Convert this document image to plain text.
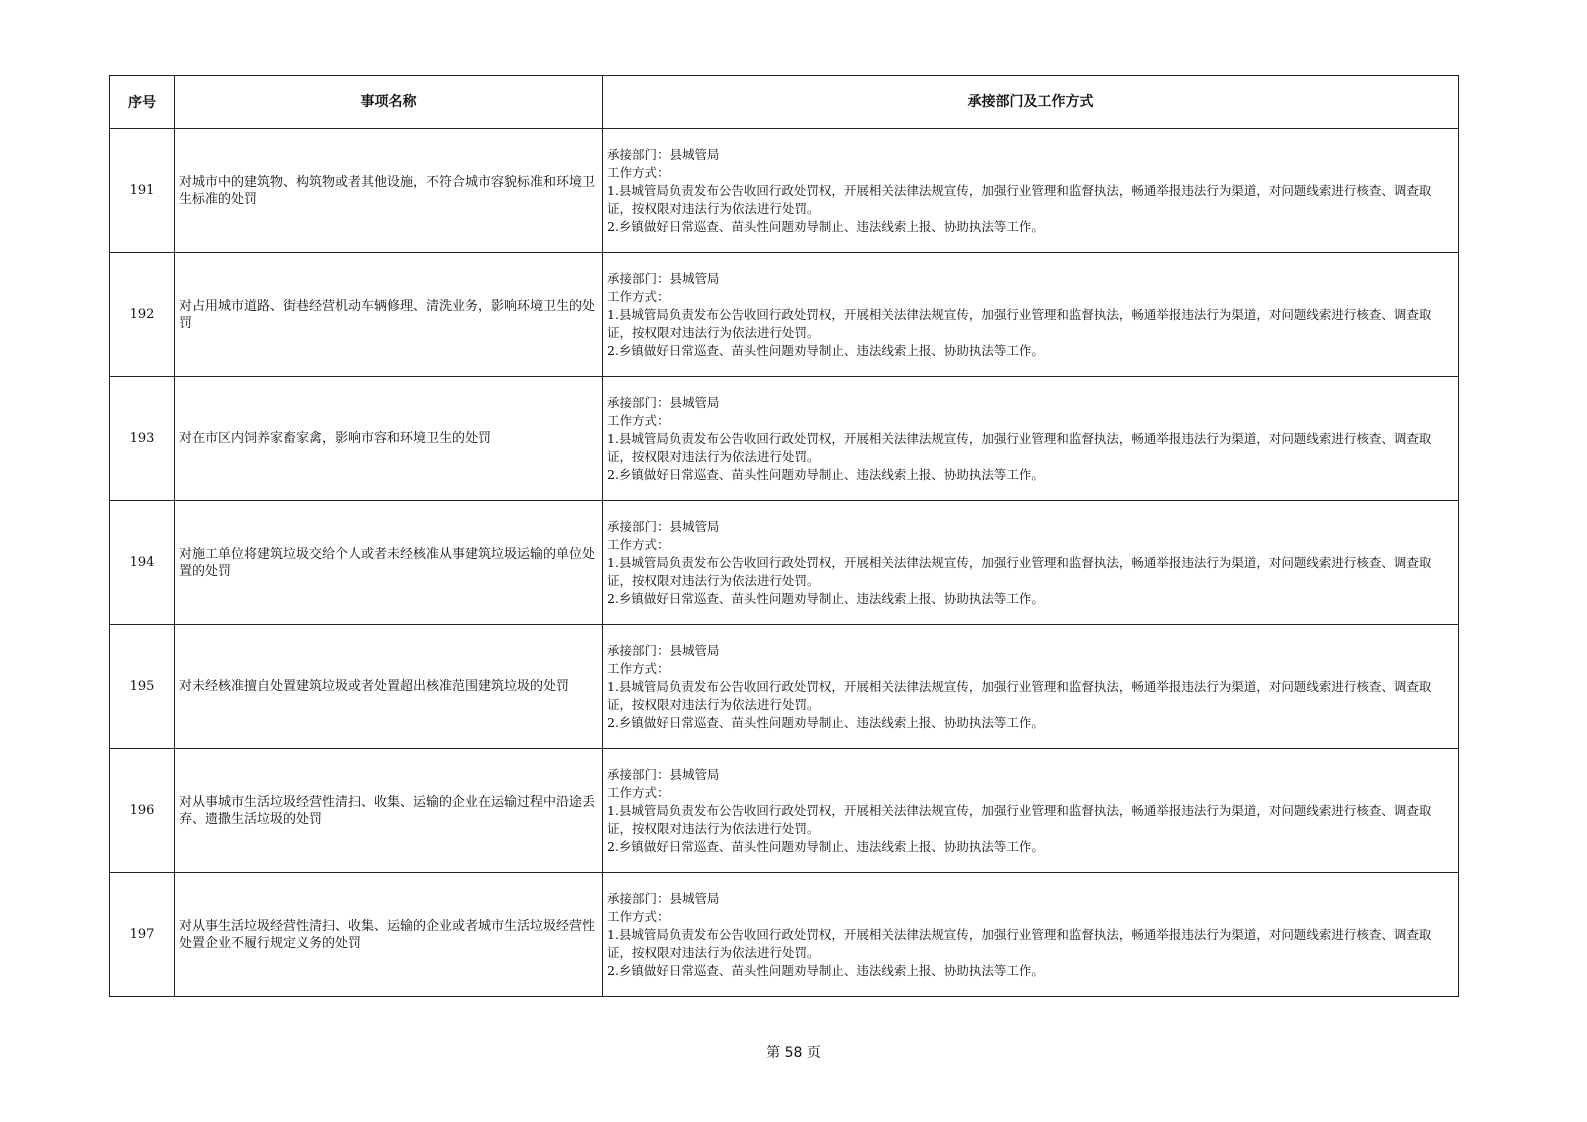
序号	事项名称	承接部门及工作方式
191	对城市中的建筑物、构筑物或者其他设施，不符合城市容貌标准和环境卫生标准的处罚	承接部门：县城管局
工作方式：
1.县城管局负责发布公告收回行政处罚权，开展相关法律法规宣传，加强行业管理和监督执法，畅通举报违法行为渠道，对问题线索进行核查、调查取证，按权限对违法行为依法进行处罚。
2.乡镇做好日常巡查、苗头性问题劝导制止、违法线索上报、协助执法等工作。

192	对占用城市道路、街巷经营机动车辆修理、清洗业务，影响环境卫生的处罚	承接部门：县城管局
工作方式：
1.县城管局负责发布公告收回行政处罚权，开展相关法律法规宣传，加强行业管理和监督执法，畅通举报违法行为渠道，对问题线索进行核查、调查取证，按权限对违法行为依法进行处罚。
2.乡镇做好日常巡查、苗头性问题劝导制止、违法线索上报、协助执法等工作。

193	对在市区内饲养家畜家禽，影响市容和环境卫生的处罚	承接部门：县城管局
工作方式：
1.县城管局负责发布公告收回行政处罚权，开展相关法律法规宣传，加强行业管理和监督执法，畅通举报违法行为渠道，对问题线索进行核查、调查取证，按权限对违法行为依法进行处罚。
2.乡镇做好日常巡查、苗头性问题劝导制止、违法线索上报、协助执法等工作。

194	对施工单位将建筑垃圾交给个人或者未经核准从事建筑垃圾运输的单位处置的处罚	承接部门：县城管局
工作方式：
1.县城管局负责发布公告收回行政处罚权，开展相关法律法规宣传，加强行业管理和监督执法，畅通举报违法行为渠道，对问题线索进行核查、调查取证，按权限对违法行为依法进行处罚。
2.乡镇做好日常巡查、苗头性问题劝导制止、违法线索上报、协助执法等工作。

195	对未经核准擅自处置建筑垃圾或者处置超出核准范围建筑垃圾的处罚	承接部门：县城管局
工作方式：
1.县城管局负责发布公告收回行政处罚权，开展相关法律法规宣传，加强行业管理和监督执法，畅通举报违法行为渠道，对问题线索进行核查、调查取证，按权限对违法行为依法进行处罚。
2.乡镇做好日常巡查、苗头性问题劝导制止、违法线索上报、协助执法等工作。

196	对从事城市生活垃圾经营性清扫、收集、运输的企业在运输过程中沿途丢弃、遗撒生活垃圾的处罚	承接部门：县城管局
工作方式：
1.县城管局负责发布公告收回行政处罚权，开展相关法律法规宣传，加强行业管理和监督执法，畅通举报违法行为渠道，对问题线索进行核查、调查取证，按权限对违法行为依法进行处罚。
2.乡镇做好日常巡查、苗头性问题劝导制止、违法线索上报、协助执法等工作。

197	对从事生活垃圾经营性清扫、收集、运输的企业或者城市生活垃圾经营性处置企业不履行规定义务的处罚	承接部门：县城管局
工作方式：
1.县城管局负责发布公告收回行政处罚权，开展相关法律法规宣传，加强行业管理和监督执法，畅通举报违法行为渠道，对问题线索进行核查、调查取证，按权限对违法行为依法进行处罚。
2.乡镇做好日常巡查、苗头性问题劝导制止、违法线索上报、协助执法等工作。
第 58 页
